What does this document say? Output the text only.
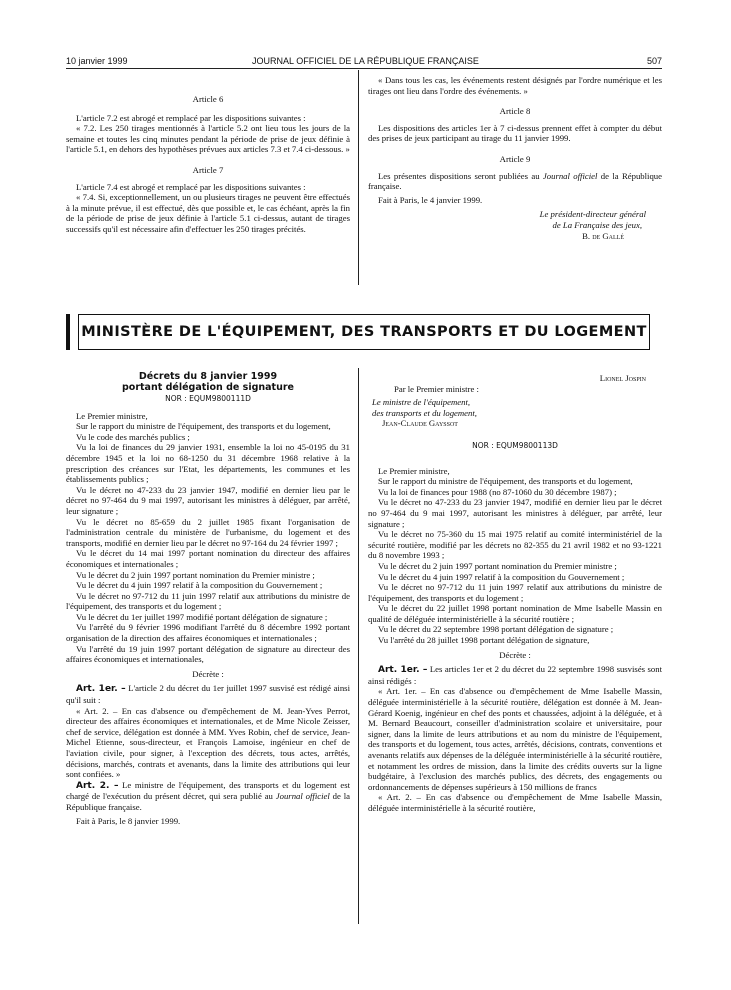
10 janvier 1999	JOURNAL OFFICIEL DE LA RÉPUBLIQUE FRANÇAISE	507

Article 6

L'article 7.2 est abrogé et remplacé par les dispositions suivantes :

« 7.2. Les 250 tirages mentionnés à l'article 5.2 ont lieu tous les jours de la semaine et toutes les cinq minutes pendant la période de prise de jeux définie à l'article 5.1, en dehors des hypothèses prévues aux articles 7.3 et 7.4 ci-dessous. »

Article 7

L'article 7.4 est abrogé et remplacé par les dispositions suivantes :

« 7.4. Si, exceptionnellement, un ou plusieurs tirages ne peuvent être effectués à la minute prévue, il est effectué, dès que possible et, le cas échéant, après la fin de la période de prise de jeux définie à l'article 5.1 ci-dessus, autant de tirages successifs qu'il est nécessaire afin d'effectuer les 250 tirages précités.

« Dans tous les cas, les événements restent désignés par l'ordre numérique et les tirages ont lieu dans l'ordre des événements. »

Article 8

Les dispositions des articles 1er à 7 ci-dessus prennent effet à compter du début des prises de jeux participant au tirage du 11 janvier 1999.

Article 9

Les présentes dispositions seront publiées au Journal officiel de la République française.

Fait à Paris, le 4 janvier 1999.

Le président-directeur général

de La Française des jeux,

B. de Gallé

MINISTÈRE DE L'ÉQUIPEMENT, DES TRANSPORTS ET DU LOGEMENT

Décrets du 8 janvier 1999

portant délégation de signature

NOR : EQUM9800111D

Le Premier ministre,

Sur le rapport du ministre de l'équipement, des transports et du logement,

Vu le code des marchés publics ;

Vu la loi de finances du 29 janvier 1931, ensemble la loi no 45-0195 du 31 décembre 1945 et la loi no 68-1250 du 31 décembre 1968 relative à la prescription des créances sur l'Etat, les départements, les communes et les établissements publics ;

Vu le décret no 47-233 du 23 janvier 1947, modifié en dernier lieu par le décret no 97-464 du 9 mai 1997, autorisant les ministres à déléguer, par arrêté, leur signature ;

Vu le décret no 85-659 du 2 juillet 1985 fixant l'organisation de l'administration centrale du ministère de l'urbanisme, du logement et des transports, modifié en dernier lieu par le décret no 97-164 du 24 février 1997 ;

Vu le décret du 14 mai 1997 portant nomination du directeur des affaires économiques et internationales ;

Vu le décret du 2 juin 1997 portant nomination du Premier ministre ;

Vu le décret du 4 juin 1997 relatif à la composition du Gouvernement ;

Vu le décret no 97-712 du 11 juin 1997 relatif aux attributions du ministre de l'équipement, des transports et du logement ;

Vu le décret du 1er juillet 1997 modifié portant délégation de signature ;

Vu l'arrêté du 9 février 1996 modifiant l'arrêté du 8 décembre 1992 portant organisation de la direction des affaires économiques et internationales ;

Vu l'arrêté du 19 juin 1997 portant délégation de signature au directeur des affaires économiques et internationales,

Décrète :

Art. 1er. – L'article 2 du décret du 1er juillet 1997 susvisé est rédigé ainsi qu'il suit :

« Art. 2. – En cas d'absence ou d'empêchement de M. Jean-Yves Perrot, directeur des affaires économiques et internationales, et de Mme Nicole Zeisser, chef de service, délégation est donnée à MM. Yves Robin, chef de service, Jean-Michel Etienne, sous-directeur, et François Lamoise, ingénieur en chef de l'aviation civile, pour signer, à l'exception des décrets, tous actes, arrêtés, décisions, marchés, contrats et avenants, dans la limite des attributions qui leur sont confiées. »

Art. 2. – Le ministre de l'équipement, des transports et du logement est chargé de l'exécution du présent décret, qui sera publié au Journal officiel de la République française.

Fait à Paris, le 8 janvier 1999.

Lionel Jospin

Par le Premier ministre :

Le ministre de l'équipement,

des transports et du logement,

Jean-Claude Gayssot

NOR : EQUM9800113D

Le Premier ministre,

Sur le rapport du ministre de l'équipement, des transports et du logement,

Vu la loi de finances pour 1988 (no 87-1060 du 30 décembre 1987) ;

Vu le décret no 47-233 du 23 janvier 1947, modifié en dernier lieu par le décret no 97-464 du 9 mai 1997, autorisant les ministres à déléguer, par arrêté, leur signature ;

Vu le décret no 75-360 du 15 mai 1975 relatif au comité interministériel de la sécurité routière, modifié par les décrets no 82-355 du 21 avril 1982 et no 93-1221 du 8 novembre 1993 ;

Vu le décret du 2 juin 1997 portant nomination du Premier ministre ;

Vu le décret du 4 juin 1997 relatif à la composition du Gouvernement ;

Vu le décret no 97-712 du 11 juin 1997 relatif aux attributions du ministre de l'équipement, des transports et du logement ;

Vu le décret du 22 juillet 1998 portant nomination de Mme Isabelle Massin en qualité de déléguée interministérielle à la sécurité routière ;

Vu le décret du 22 septembre 1998 portant délégation de signature ;

Vu l'arrêté du 28 juillet 1998 portant délégation de signature,

Décrète :

Art. 1er. – Les articles 1er et 2 du décret du 22 septembre 1998 susvisés sont ainsi rédigés :

« Art. 1er. – En cas d'absence ou d'empêchement de Mme Isabelle Massin, déléguée interministérielle à la sécurité routière, délégation est donnée à M. Jean-Gérard Koenig, ingénieur en chef des ponts et chaussées, adjoint à la déléguée, et à M. Bernard Beaucourt, conseiller d'administration scolaire et universitaire, pour signer, dans la limite de leurs attributions et au nom du ministre de l'équipement, des transports et du logement, tous actes, arrêtés, décisions, contrats, conventions et avenants relatifs aux dépenses de la déléguée interministérielle à la sécurité routière, et notamment les ordres de mission, dans la limite des crédits ouverts sur la ligne budgétaire, à l'exclusion des marchés publics, des décrets, des engagements ou ordonnancements de dépenses supérieurs à 150 millions de francs

« Art. 2. – En cas d'absence ou d'empêchement de Mme Isabelle Massin, déléguée interministérielle à la sécurité routière,
